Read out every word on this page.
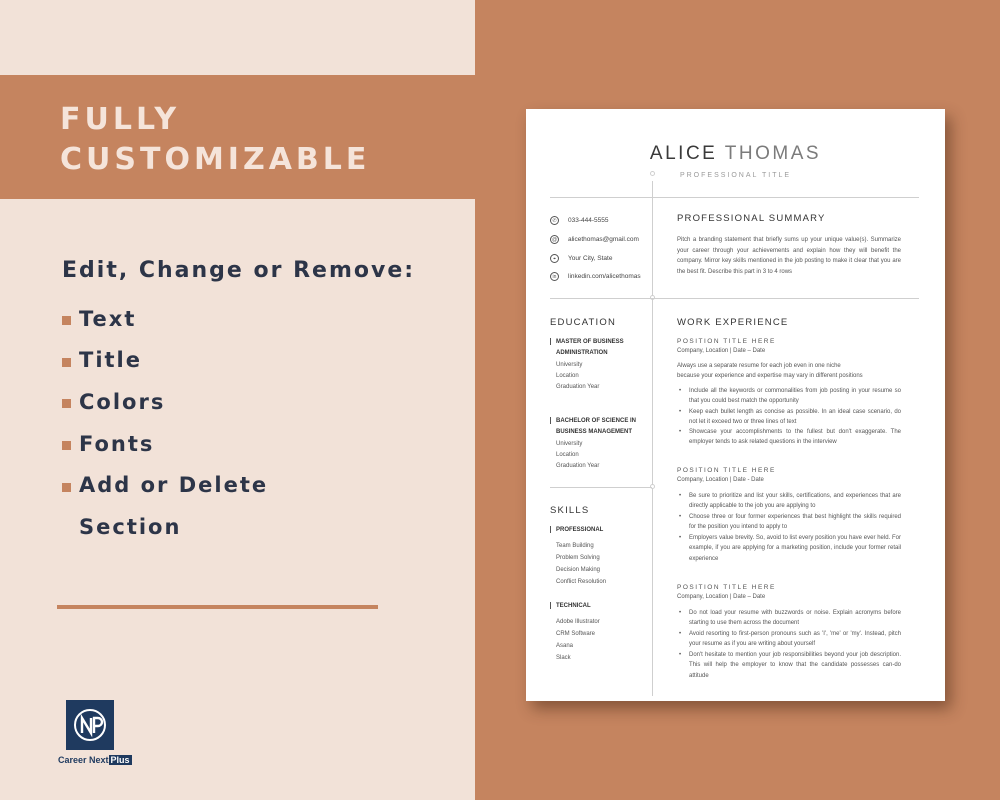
FULLY
CUSTOMIZABLE
Edit, Change or Remove:
Text
Title
Colors
Fonts
Add or Delete
Section
Career Next Plus
ALICE THOMAS
PROFESSIONAL TITLE
✆	033-444-5555
@	alicethomas@gmail.com
⌖	Your City, State
in	linkedin.com/alicethomas
PROFESSIONAL SUMMARY
Pitch a branding statement that briefly sums up your unique value(s). Summarize your career through your achievements and explain how they will benefit the company. Mirror key skills mentioned in the job posting to make it clear that you are the best fit. Describe this part in 3 to 4 rows
EDUCATION
MASTER OF BUSINESS
ADMINISTRATION
University
Location
Graduation Year
BACHELOR OF SCIENCE IN
BUSINESS MANAGEMENT
University
Location
Graduation Year
SKILLS
PROFESSIONAL
Team Building
Problem Solving
Decision Making
Conflict Resolution
TECHNICAL
Adobe Illustrator
CRM Software
Asana
Slack
WORK EXPERIENCE
POSITION TITLE HERE
Company, Location | Date – Date
Always use a separate resume for each job even in one niche
because your experience and expertise may vary in different positions
• Include all the keywords or commonalities from job posting in your resume so that you could best match the opportunity
• Keep each bullet length as concise as possible. In an ideal case scenario, do not let it exceed two or three lines of text
• Showcase your accomplishments to the fullest but don't exaggerate. The employer tends to ask related questions in the interview
POSITION TITLE HERE
Company, Location | Date - Date
• Be sure to prioritize and list your skills, certifications, and experiences that are directly applicable to the job you are applying to
• Choose three or four former experiences that best highlight the skills required for the position you intend to apply to
• Employers value brevity. So, avoid to list every position you have ever held. For example, if you are applying for a marketing position, include your former retail experience
POSITION TITLE HERE
Company, Location | Date – Date
• Do not load your resume with buzzwords or noise. Explain acronyms before starting to use them across the document
• Avoid resorting to first-person pronouns such as 'I', 'me' or 'my'. Instead, pitch your resume as if you are writing about yourself
• Don't hesitate to mention your job responsibilities beyond your job description. This will help the employer to know that the candidate possesses can-do attitude
